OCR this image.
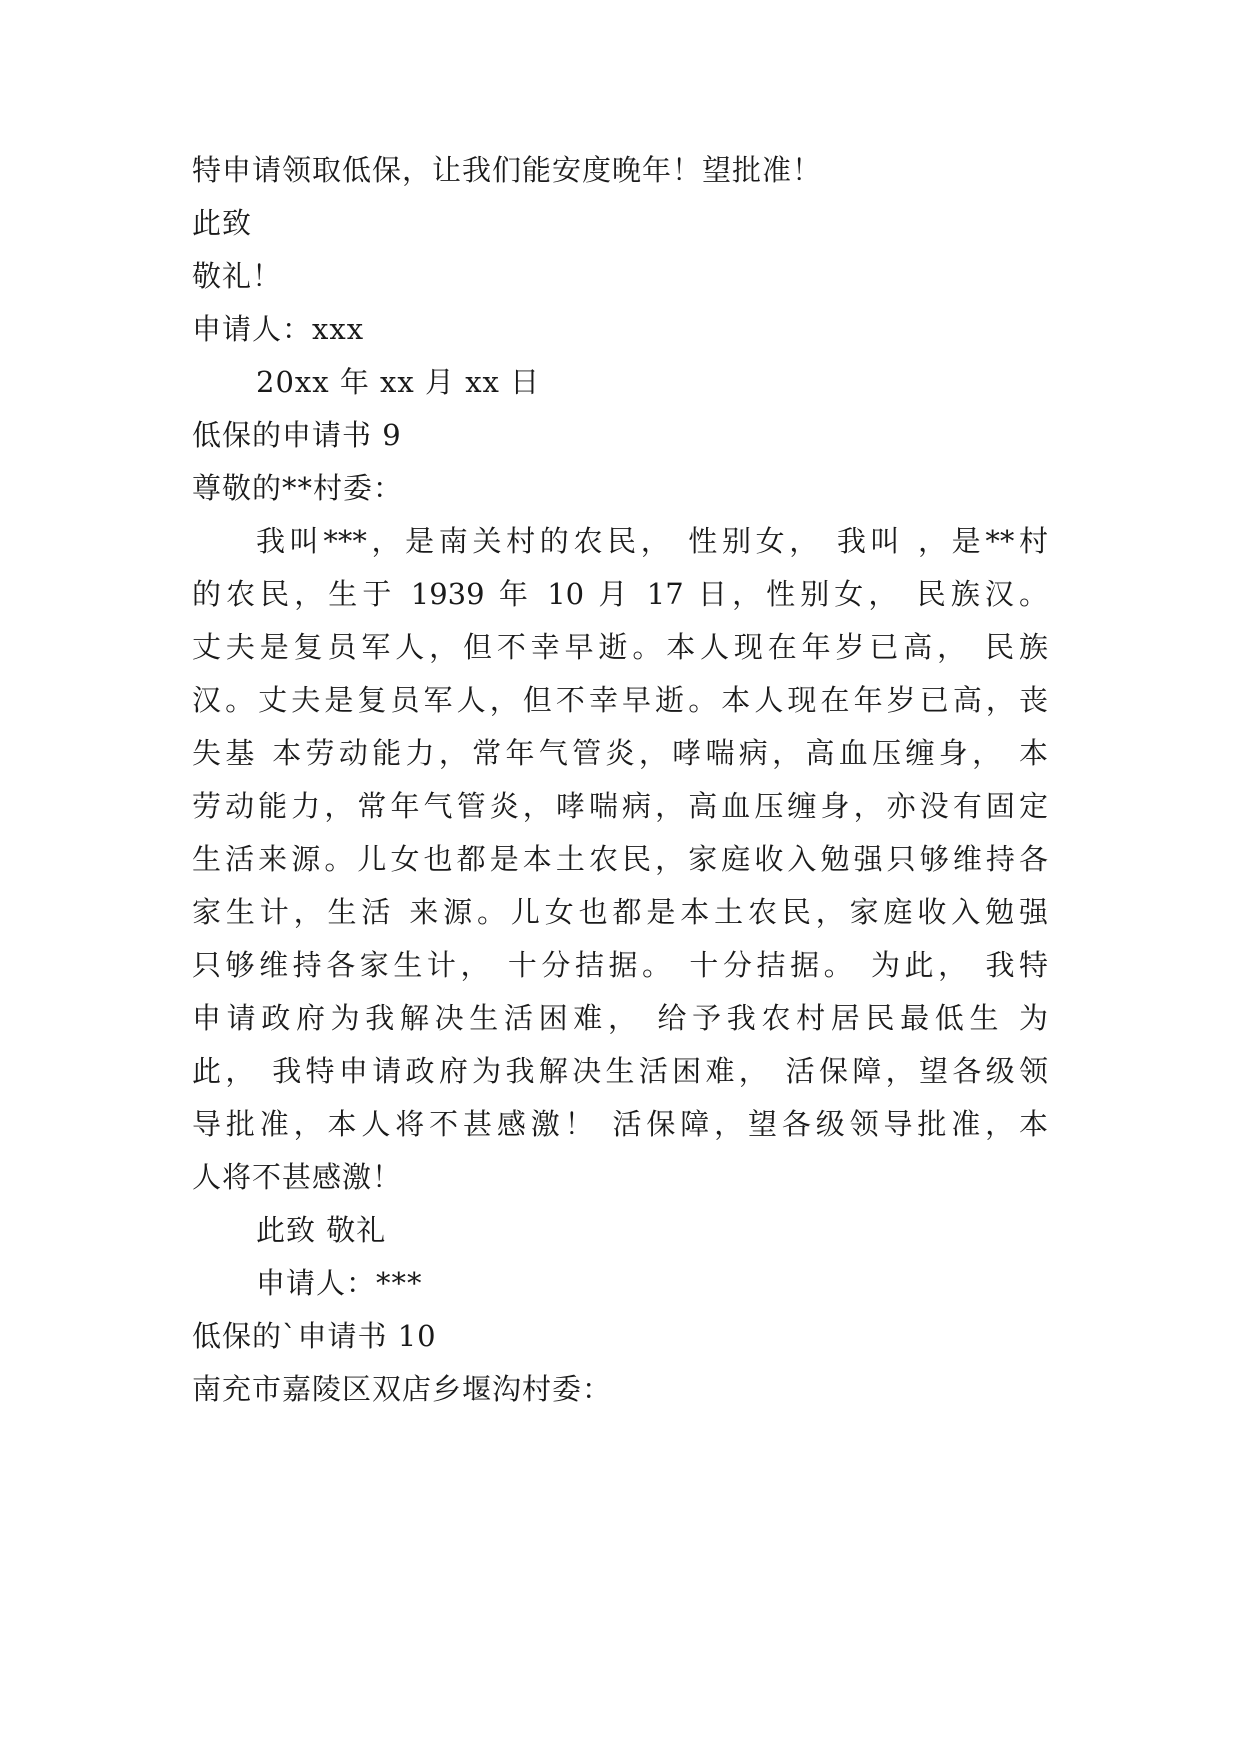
特申请领取低保，让我们能安度晚年！望批准！
此致
敬礼！
申请人：xxx
20xx 年 xx 月 xx 日
低保的申请书 9
尊敬的**村委：
我叫***，是南关村的农民， 性别女， 我叫 ，是**村
的农民，生于 1939 年 10 月 17 日，性别女， 民族汉。
丈夫是复员军人，但不幸早逝。本人现在年岁已高， 民族
汉。丈夫是复员军人，但不幸早逝。本人现在年岁已高，丧
失基 本劳动能力，常年气管炎，哮喘病，高血压缠身， 本
劳动能力，常年气管炎，哮喘病，高血压缠身，亦没有固定
生活来源。儿女也都是本土农民，家庭收入勉强只够维持各
家生计，生活 来源。儿女也都是本土农民，家庭收入勉强
只够维持各家生计， 十分拮据。 十分拮据。 为此， 我特
申请政府为我解决生活困难， 给予我农村居民最低生 为
此， 我特申请政府为我解决生活困难， 活保障，望各级领
导批准，本人将不甚感激！ 活保障，望各级领导批准，本
人将不甚感激！
此致 敬礼
申请人：***
低保的`申请书 10
南充市嘉陵区双店乡堰沟村委：
